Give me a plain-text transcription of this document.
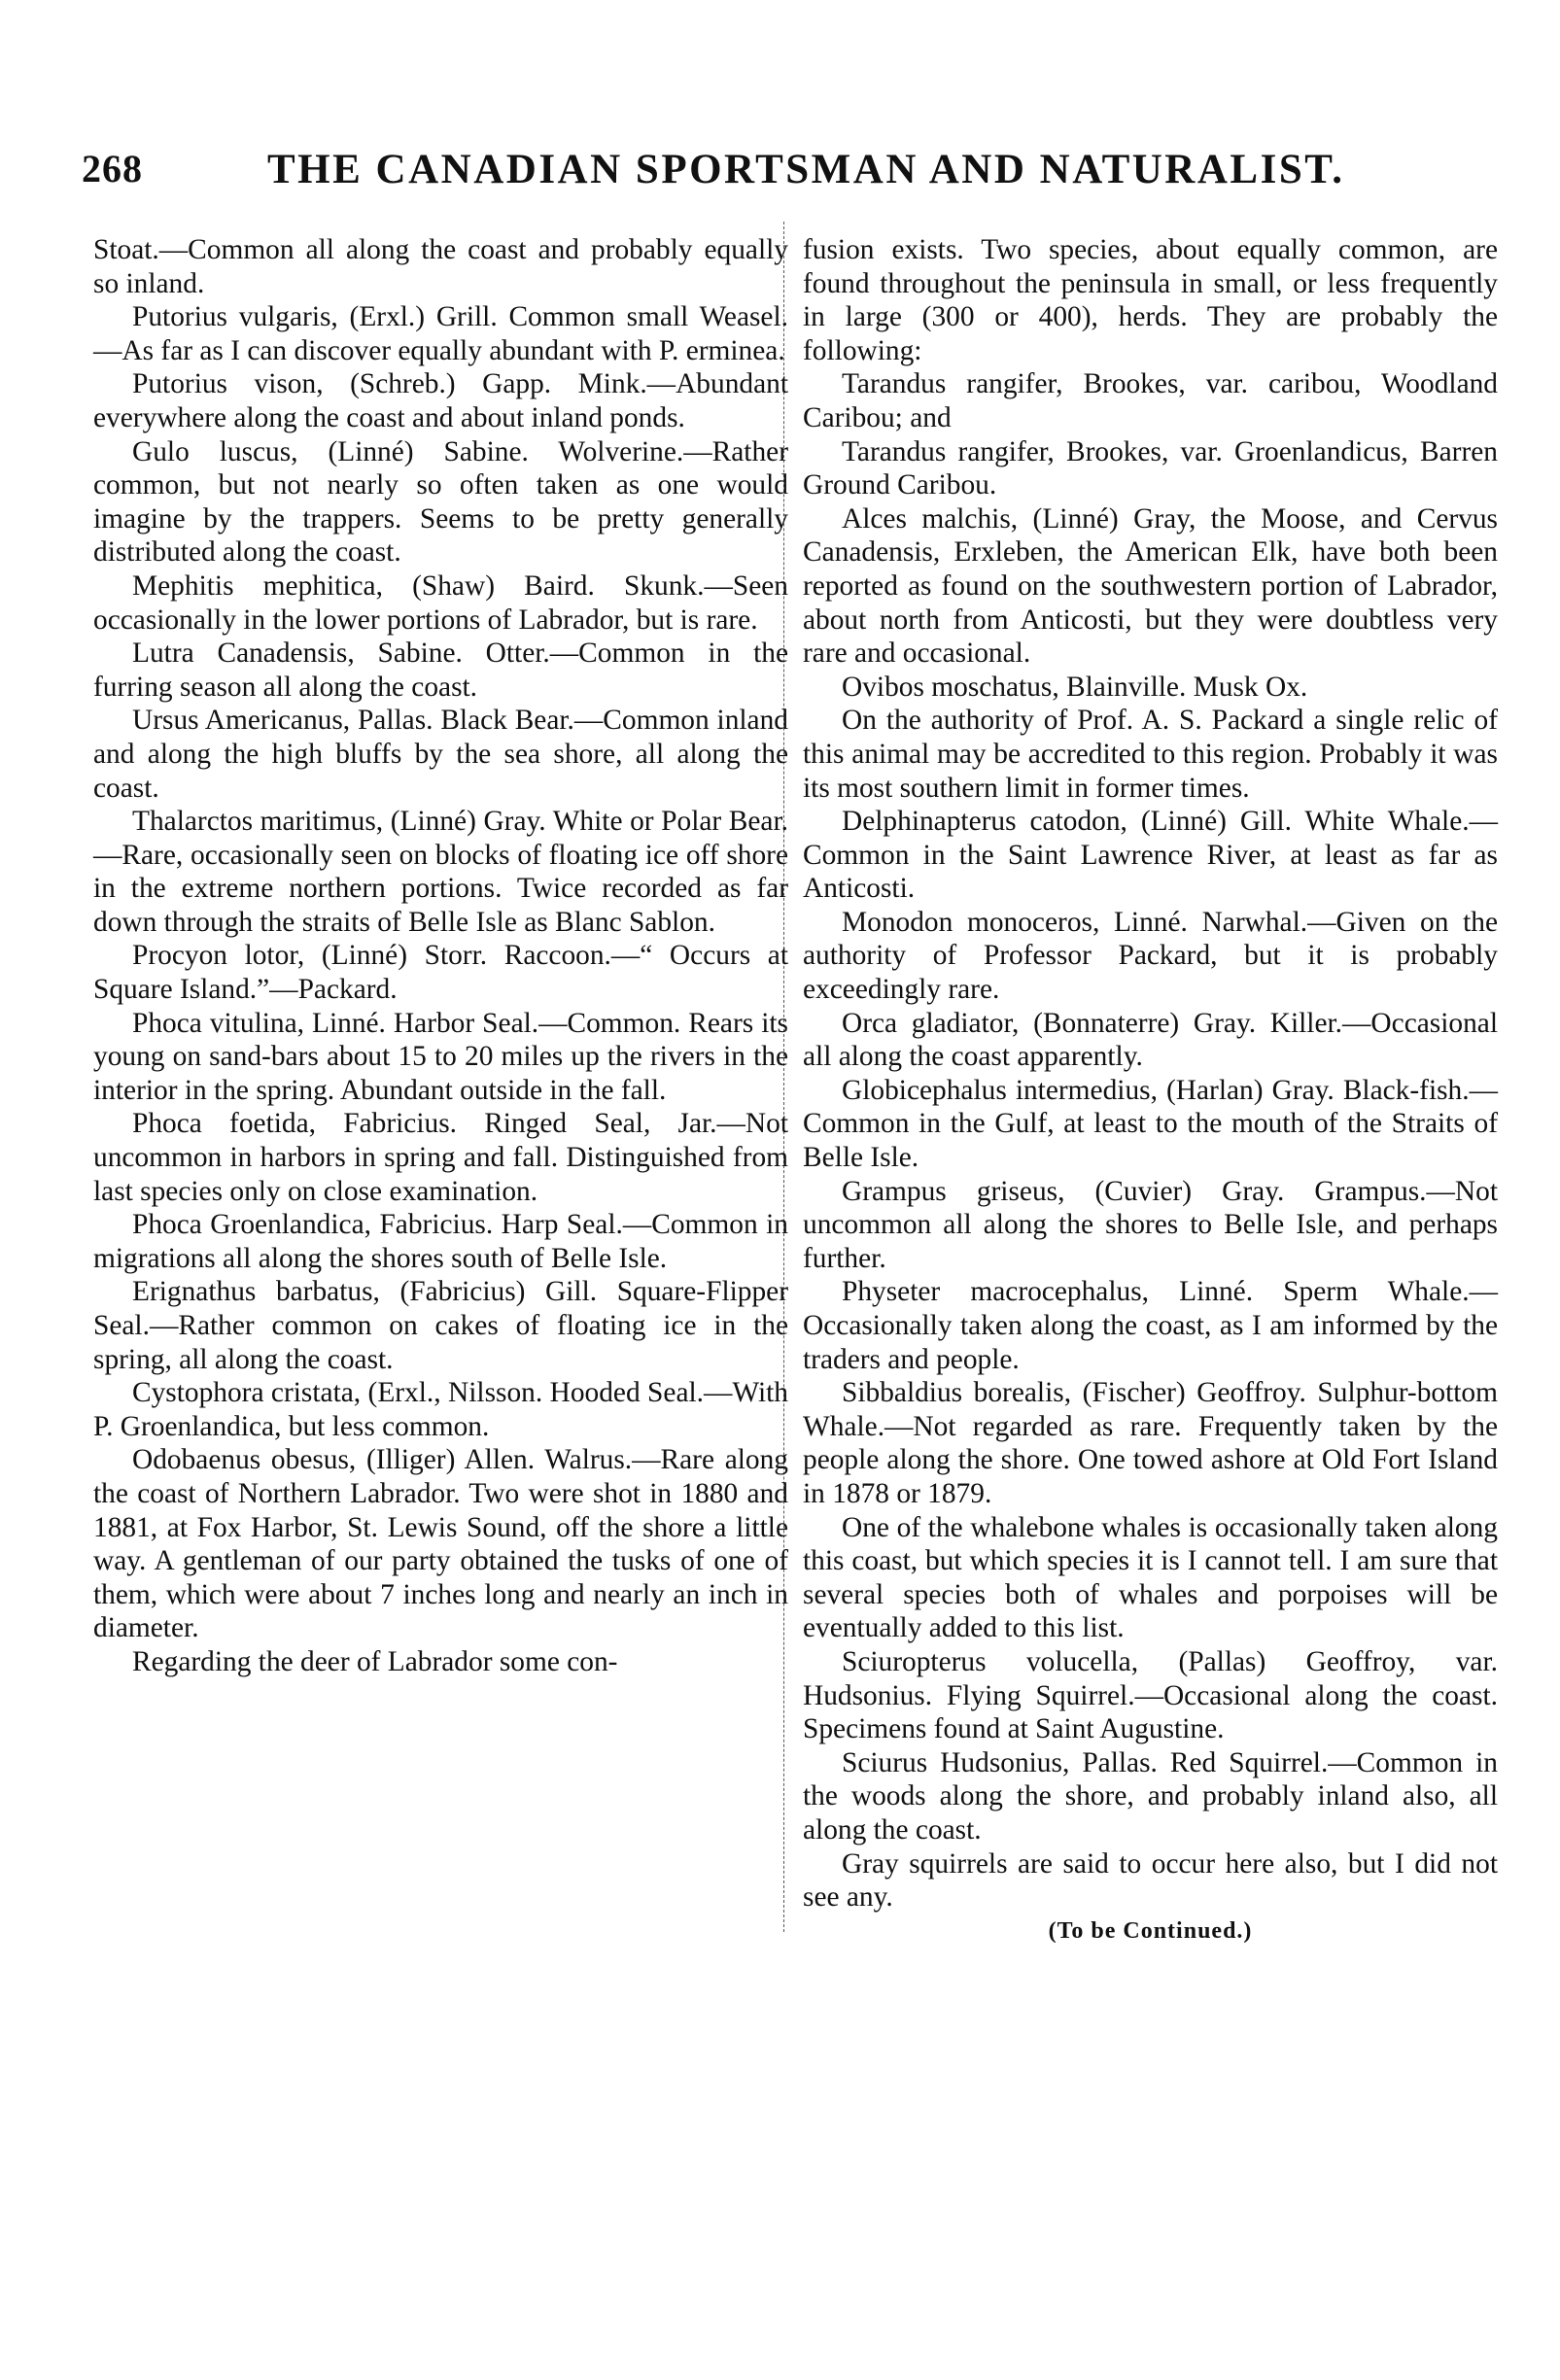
268	THE CANADIAN SPORTSMAN AND NATURALIST.

Stoat.—Common all along the coast and probably equally so inland.

Putorius vulgaris, (Erxl.) Grill. Common small Weasel.—As far as I can discover equally abundant with P. erminea.

Putorius vison, (Schreb.) Gapp. Mink.—Abundant everywhere along the coast and about inland ponds.

Gulo luscus, (Linné) Sabine. Wolverine.—Rather common, but not nearly so often taken as one would imagine by the trappers. Seems to be pretty generally distributed along the coast.

Mephitis mephitica, (Shaw) Baird. Skunk.—Seen occasionally in the lower portions of Labrador, but is rare.

Lutra Canadensis, Sabine. Otter.—Common in the furring season all along the coast.

Ursus Americanus, Pallas. Black Bear.—Common inland and along the high bluffs by the sea shore, all along the coast.

Thalarctos maritimus, (Linné) Gray. White or Polar Bear.—Rare, occasionally seen on blocks of floating ice off shore in the extreme northern portions. Twice recorded as far down through the straits of Belle Isle as Blanc Sablon.

Procyon lotor, (Linné) Storr. Raccoon.—“ Occurs at Square Island.”—Packard.

Phoca vitulina, Linné. Harbor Seal.—Common. Rears its young on sand-bars about 15 to 20 miles up the rivers in the interior in the spring. Abundant outside in the fall.

Phoca foetida, Fabricius. Ringed Seal, Jar.—Not uncommon in harbors in spring and fall. Distinguished from last species only on close examination.

Phoca Groenlandica, Fabricius. Harp Seal.—Common in migrations all along the shores south of Belle Isle.

Erignathus barbatus, (Fabricius) Gill. Square-Flipper Seal.—Rather common on cakes of floating ice in the spring, all along the coast.

Cystophora cristata, (Erxl., Nilsson. Hooded Seal.—With P. Groenlandica, but less common.

Odobaenus obesus, (Illiger) Allen. Walrus.—Rare along the coast of Northern Labrador. Two were shot in 1880 and 1881, at Fox Harbor, St. Lewis Sound, off the shore a little way. A gentleman of our party obtained the tusks of one of them, which were about 7 inches long and nearly an inch in diameter.

Regarding the deer of Labrador some con-

fusion exists. Two species, about equally common, are found throughout the peninsula in small, or less frequently in large (300 or 400), herds. They are probably the following:

Tarandus rangifer, Brookes, var. caribou, Woodland Caribou; and

Tarandus rangifer, Brookes, var. Groenlandicus, Barren Ground Caribou.

Alces malchis, (Linné) Gray, the Moose, and Cervus Canadensis, Erxleben, the American Elk, have both been reported as found on the southwestern portion of Labrador, about north from Anticosti, but they were doubtless very rare and occasional.

Ovibos moschatus, Blainville. Musk Ox.

On the authority of Prof. A. S. Packard a single relic of this animal may be accredited to this region. Probably it was its most southern limit in former times.

Delphinapterus catodon, (Linné) Gill. White Whale.—Common in the Saint Lawrence River, at least as far as Anticosti.

Monodon monoceros, Linné. Narwhal.—Given on the authority of Professor Packard, but it is probably exceedingly rare.

Orca gladiator, (Bonnaterre) Gray. Killer.—Occasional all along the coast apparently.

Globicephalus intermedius, (Harlan) Gray. Black-fish.—Common in the Gulf, at least to the mouth of the Straits of Belle Isle.

Grampus griseus, (Cuvier) Gray. Grampus.—Not uncommon all along the shores to Belle Isle, and perhaps further.

Physeter macrocephalus, Linné. Sperm Whale.—Occasionally taken along the coast, as I am informed by the traders and people.

Sibbaldius borealis, (Fischer) Geoffroy. Sulphur-bottom Whale.—Not regarded as rare. Frequently taken by the people along the shore. One towed ashore at Old Fort Island in 1878 or 1879.

One of the whalebone whales is occasionally taken along this coast, but which species it is I cannot tell. I am sure that several species both of whales and porpoises will be eventually added to this list.

Sciuropterus volucella, (Pallas) Geoffroy, var. Hudsonius. Flying Squirrel.—Occasional along the coast. Specimens found at Saint Augustine.

Sciurus Hudsonius, Pallas. Red Squirrel.—Common in the woods along the shore, and probably inland also, all along the coast.

Gray squirrels are said to occur here also, but I did not see any.

(To be Continued.)
